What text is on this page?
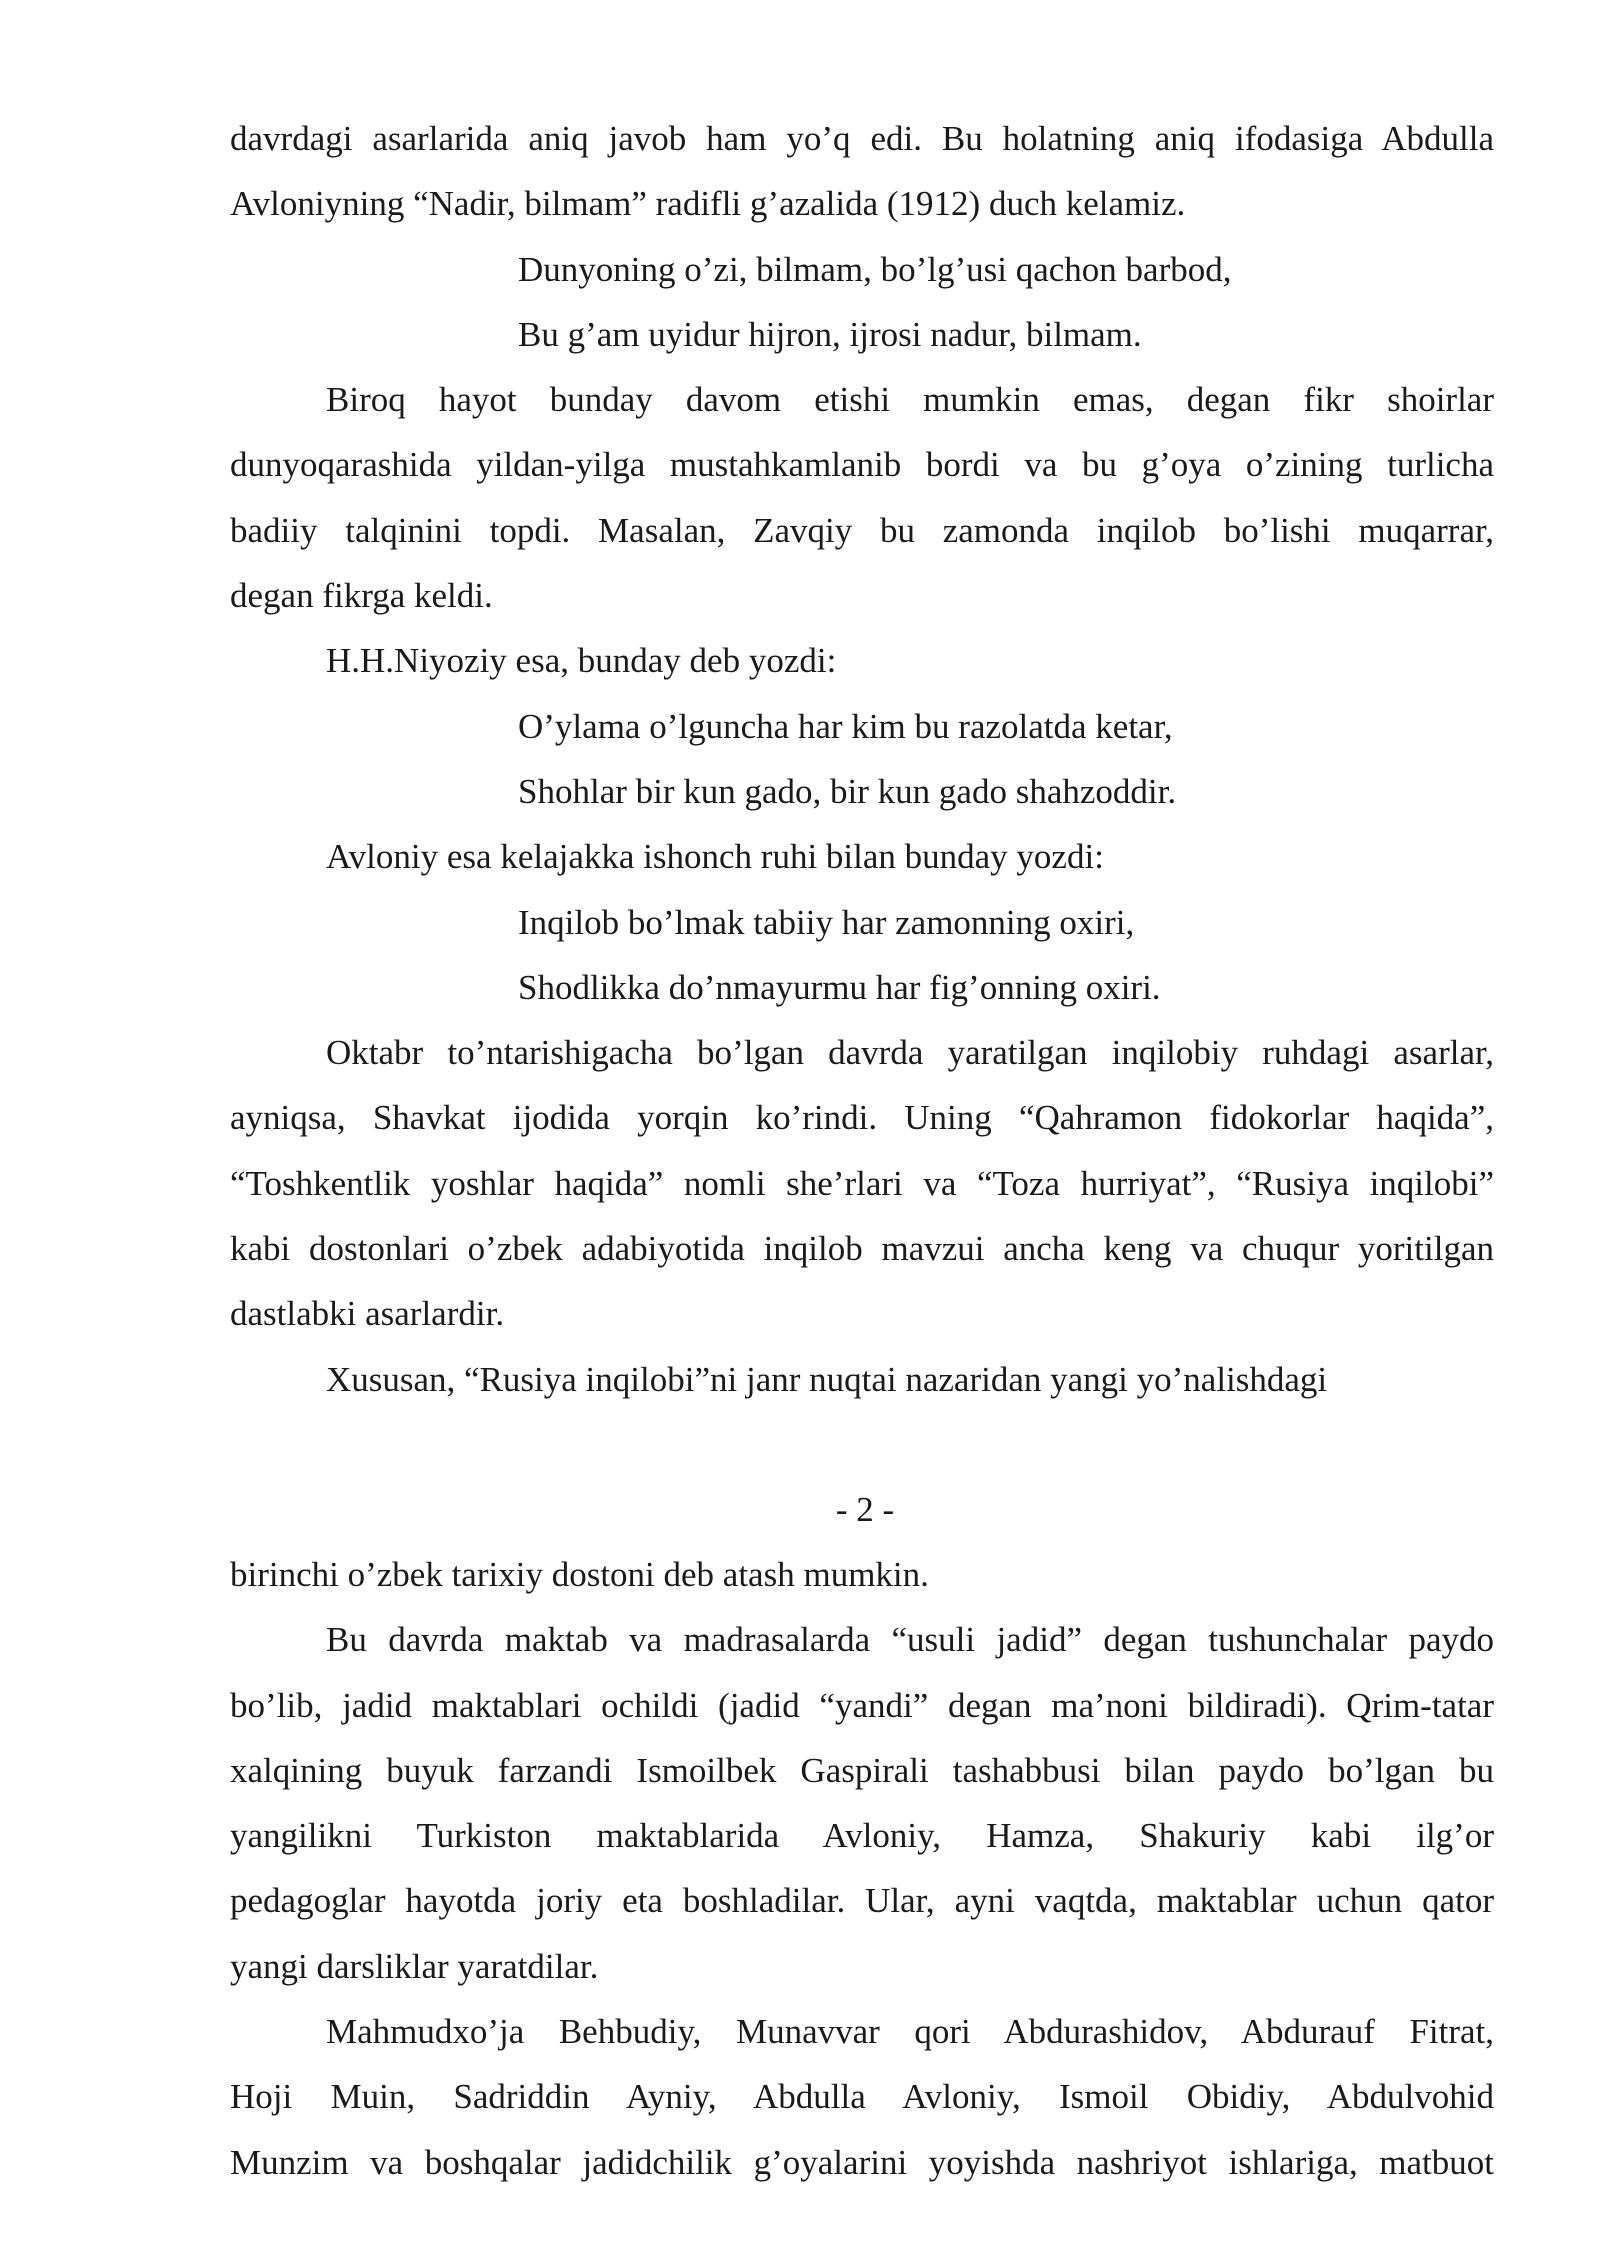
davrdagi asarlarida aniq javob ham yo’q edi. Bu holatning aniq ifodasiga Abdulla
Avloniyning “Nadir, bilmam” radifli g’azalida (1912) duch kelamiz.
Dunyoning o’zi, bilmam, bo’lg’usi qachon barbod,
Bu g’am uyidur hijron, ijrosi nadur, bilmam.
Biroq hayot bunday davom etishi mumkin emas, degan fikr shoirlar
dunyoqarashida yildan-yilga mustahkamlanib bordi va bu g’oya o’zining turlicha
badiiy talqinini topdi. Masalan, Zavqiy bu zamonda inqilob bo’lishi muqarrar,
degan fikrga keldi.
H.H.Niyoziy esa, bunday deb yozdi:
O’ylama o’lguncha har kim bu razolatda ketar,
Shohlar bir kun gado, bir kun gado shahzoddir.
Avloniy esa kelajakka ishonch ruhi bilan bunday yozdi:
Inqilob bo’lmak tabiiy har zamonning oxiri,
Shodlikka do’nmayurmu har fig’onning oxiri.
Oktabr to’ntarishigacha bo’lgan davrda yaratilgan inqilobiy ruhdagi asarlar,
ayniqsa, Shavkat ijodida yorqin ko’rindi. Uning “Qahramon fidokorlar haqida”,
“Toshkentlik yoshlar haqida” nomli she’rlari va “Toza hurriyat”, “Rusiya inqilobi”
kabi dostonlari o’zbek adabiyotida inqilob mavzui ancha keng va chuqur yoritilgan
dastlabki asarlardir.
Xususan, “Rusiya inqilobi”ni janr nuqtai nazaridan yangi yo’nalishdagi
- 2 -
birinchi o’zbek tarixiy dostoni deb atash mumkin.
Bu davrda maktab va madrasalarda “usuli jadid” degan tushunchalar paydo
bo’lib, jadid maktablari ochildi (jadid “yandi” degan ma’noni bildiradi). Qrim-tatar
xalqining buyuk farzandi Ismoilbek Gaspirali tashabbusi bilan paydo bo’lgan bu
yangilikni Turkiston maktablarida Avloniy, Hamza, Shakuriy kabi ilg’or
pedagoglar hayotda joriy eta boshladilar. Ular, ayni vaqtda, maktablar uchun qator
yangi darsliklar yaratdilar.
Mahmudxo’ja Behbudiy, Munavvar qori Abdurashidov, Abdurauf Fitrat,
Hoji Muin, Sadriddin Ayniy, Abdulla Avloniy, Ismoil Obidiy, Abdulvohid
Munzim va boshqalar jadidchilik g’oyalarini yoyishda nashriyot ishlariga, matbuot
